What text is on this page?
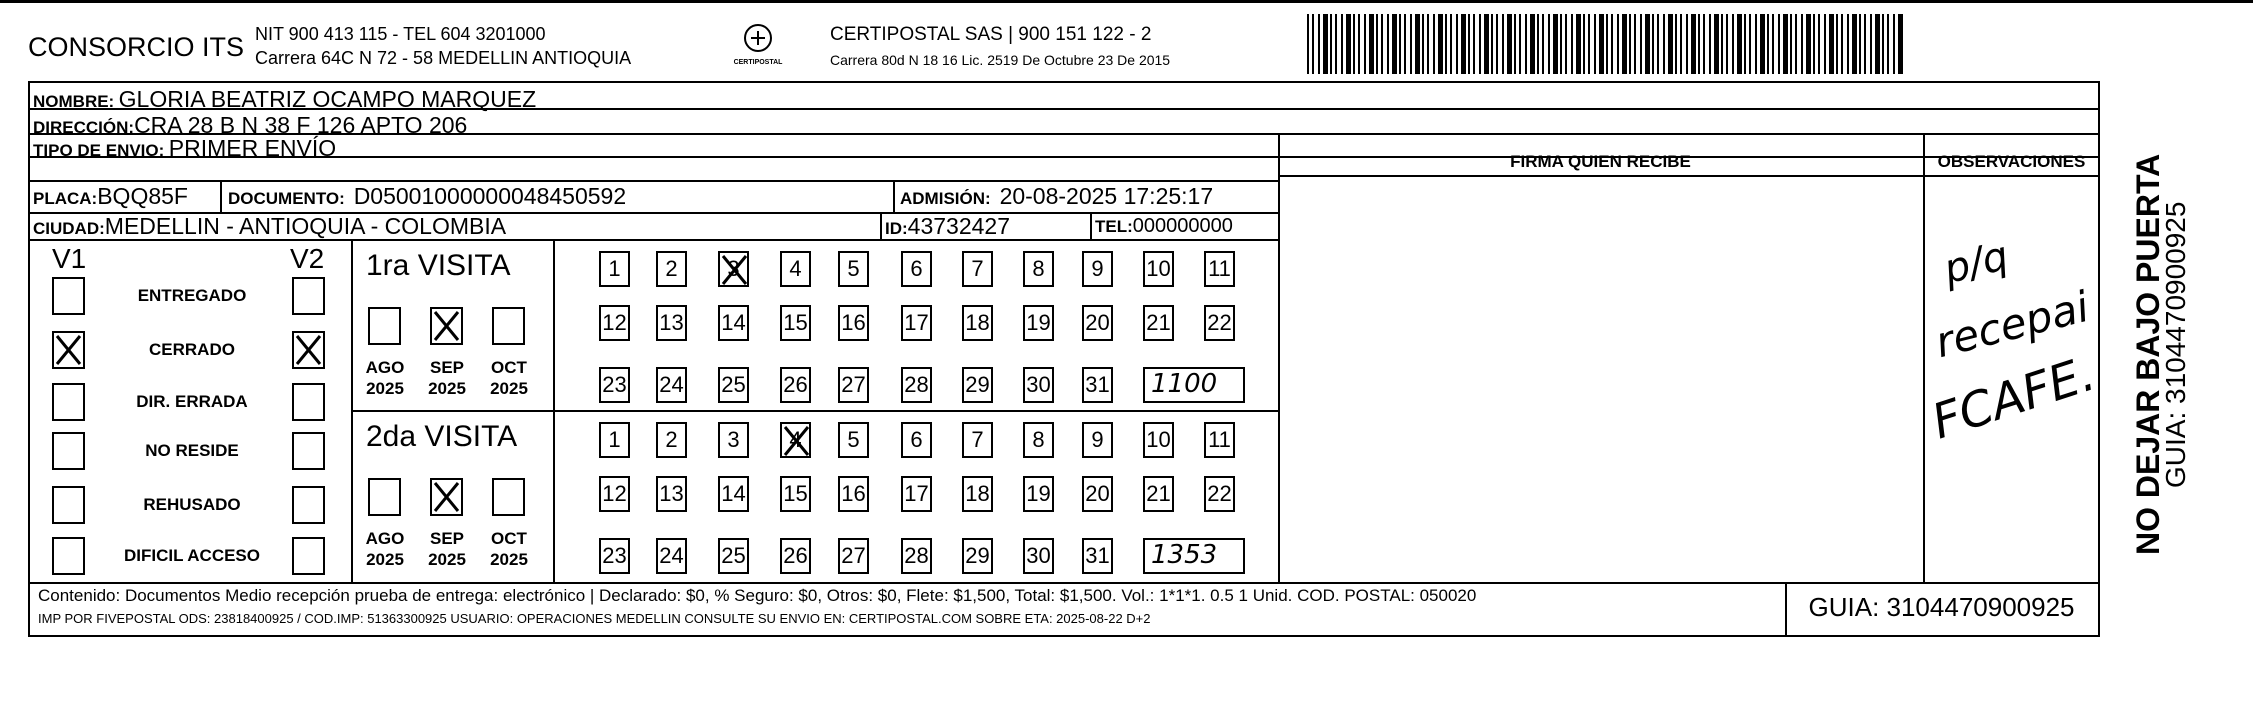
CONSORCIO ITS NIT 900 413 115 - TEL 604 3201000
Carrera 64C N 72 - 58 MEDELLIN ANTIOQUIA	CERTIPOSTAL
CERTIPOSTAL SAS | 900 151 122 - 2
Carrera 80d N 18 16 Lic. 2519 De Octubre 23 De 2015
NOMBRE: GLORIA BEATRIZ OCAMPO MARQUEZ
DIRECCIÓN:CRA 28 B N 38 F 126 APTO 206
TIPO DE ENVIO: PRIMER ENVÍO
PLACA:BQQ85F DOCUMENTO: D05001000000048450592	ADMISIÓN: 20-08-2025 17:25:17
CIUDAD:MEDELLIN - ANTIOQUIA - COLOMBIA	ID:43732427	TEL:000000000
FIRMA QUIEN RECIBE	OBSERVACIONES
V1	V2
ENTREGADO
CERRADO
DIR. ERRADA
NO RESIDE
REHUSADO
DIFICIL ACCESO
1ra VISITA
AGO
2025
SEP
2025
OCT
2025
1	2	3	4	5	6	7	8	9	10 11
12 13 14 15 16 17 18 19 20 21 22
23 24 25 26 27 28 29 30 31 1100
2da VISITA
AGO
2025
SEP
2025
OCT
2025
1	2	3	4	5	6	7	8	9	10 11
12 13 14 15 16 17 18 19 20 21 22
23 24 25 26 27 28 29 30 31 1353
p/q
recepai
FCAFE.
Contenido: Documentos Medio recepción prueba de entrega: electrónico | Declarado: $0, % Seguro: $0, Otros: $0, Flete: $1,500, Total: $1,500. Vol.: 1*1*1. 0.5 1 Unid. COD. POSTAL: 050020
IMP POR FIVEPOSTAL ODS: 23818400925 / COD.IMP: 51363300925 USUARIO: OPERACIONES MEDELLIN CONSULTE SU ENVIO EN: CERTIPOSTAL.COM SOBRE ETA: 2025-08-22 D+2	GUIA: 3104470900925
NO DEJAR BAJO PUERTA
GUIA: 3104470900925
